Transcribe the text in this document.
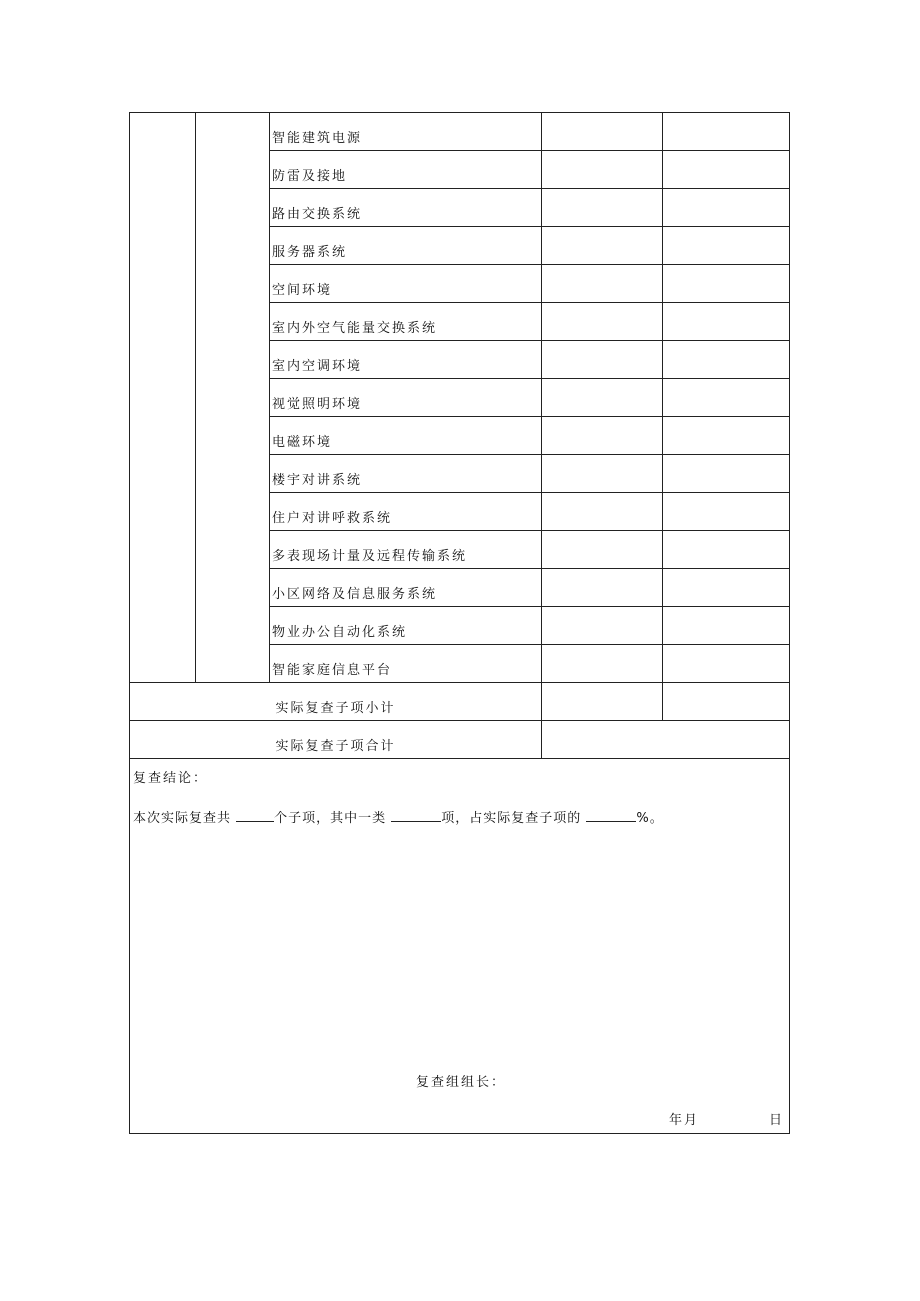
		智能建筑电源		
		防雷及接地		
		路由交换系统		
		服务器系统		
		空间环境		
		室内外空气能量交换系统		
		室内空调环境		
		视觉照明环境		
		电磁环境		
		楼宇对讲系统		
		住户对讲呼救系统		
		多表现场计量及远程传输系统		
		小区网络及信息服务系统		
		物业办公自动化系统		
		智能家庭信息平台		
实际复查子项小计				
实际复查子项合计				

复查结论：
本次实际复查共 个子项，其中一类 项，占实际复查子项的 %。
复查组组长：
年月 日				
